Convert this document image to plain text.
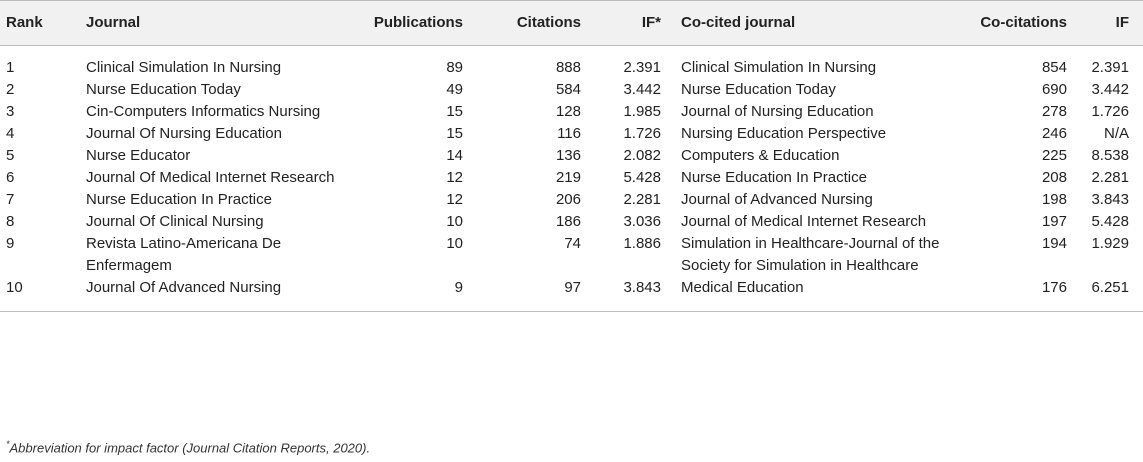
Rank	Journal	Publications	Citations	IF*	Co-cited journal	Co-citations	IF
1	Clinical Simulation In Nursing	89	888	2.391	Clinical Simulation In Nursing	854	2.391
2	Nurse Education Today	49	584	3.442	Nurse Education Today	690	3.442
3	Cin-Computers Informatics Nursing	15	128	1.985	Journal of Nursing Education	278	1.726
4	Journal Of Nursing Education	15	116	1.726	Nursing Education Perspective	246	N/A
5	Nurse Educator	14	136	2.082	Computers & Education	225	8.538
6	Journal Of Medical Internet Research	12	219	5.428	Nurse Education In Practice	208	2.281
7	Nurse Education In Practice	12	206	2.281	Journal of Advanced Nursing	198	3.843
8	Journal Of Clinical Nursing	10	186	3.036	Journal of Medical Internet Research	197	5.428
9	Revista Latino-Americana De Enfermagem	10	74	1.886	Simulation in Healthcare-Journal of the Society for Simulation in Healthcare	194	1.929
10	Journal Of Advanced Nursing	9	97	3.843	Medical Education	176	6.251
*Abbreviation for impact factor (Journal Citation Reports, 2020).
